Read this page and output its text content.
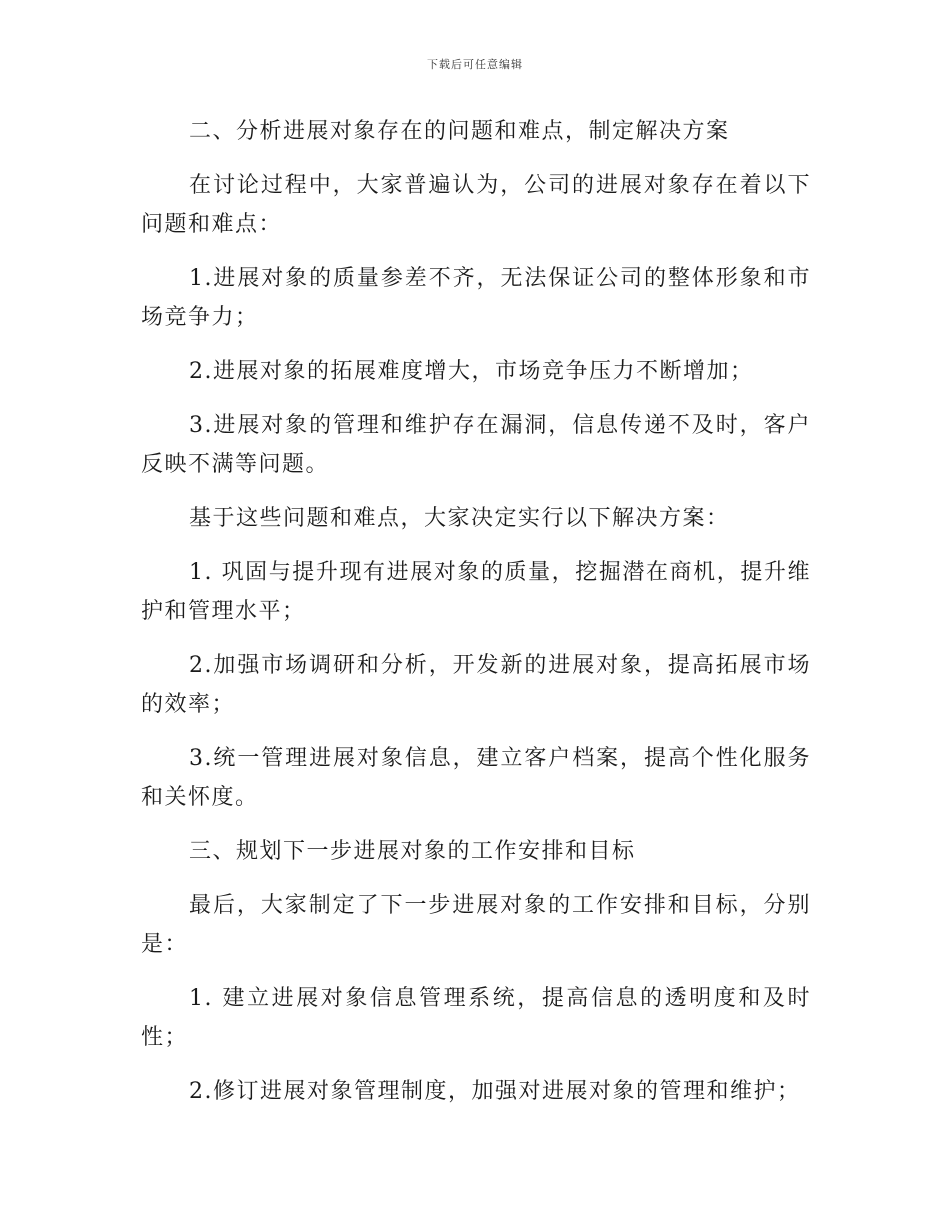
下载后可任意编辑

二、分析进展对象存在的问题和难点，制定解决方案

在讨论过程中，大家普遍认为，公司的进展对象存在着以下问题和难点：

1.进展对象的质量参差不齐，无法保证公司的整体形象和市场竞争力；

2.进展对象的拓展难度增大，市场竞争压力不断增加；

3.进展对象的管理和维护存在漏洞，信息传递不及时，客户反映不满等问题。

基于这些问题和难点，大家决定实行以下解决方案：

1. 巩固与提升现有进展对象的质量，挖掘潜在商机，提升维护和管理水平；

2.加强市场调研和分析，开发新的进展对象，提高拓展市场的效率；

3.统一管理进展对象信息，建立客户档案，提高个性化服务和关怀度。

三、规划下一步进展对象的工作安排和目标

最后，大家制定了下一步进展对象的工作安排和目标，分别是：

1. 建立进展对象信息管理系统，提高信息的透明度和及时性；

2.修订进展对象管理制度，加强对进展对象的管理和维护；
